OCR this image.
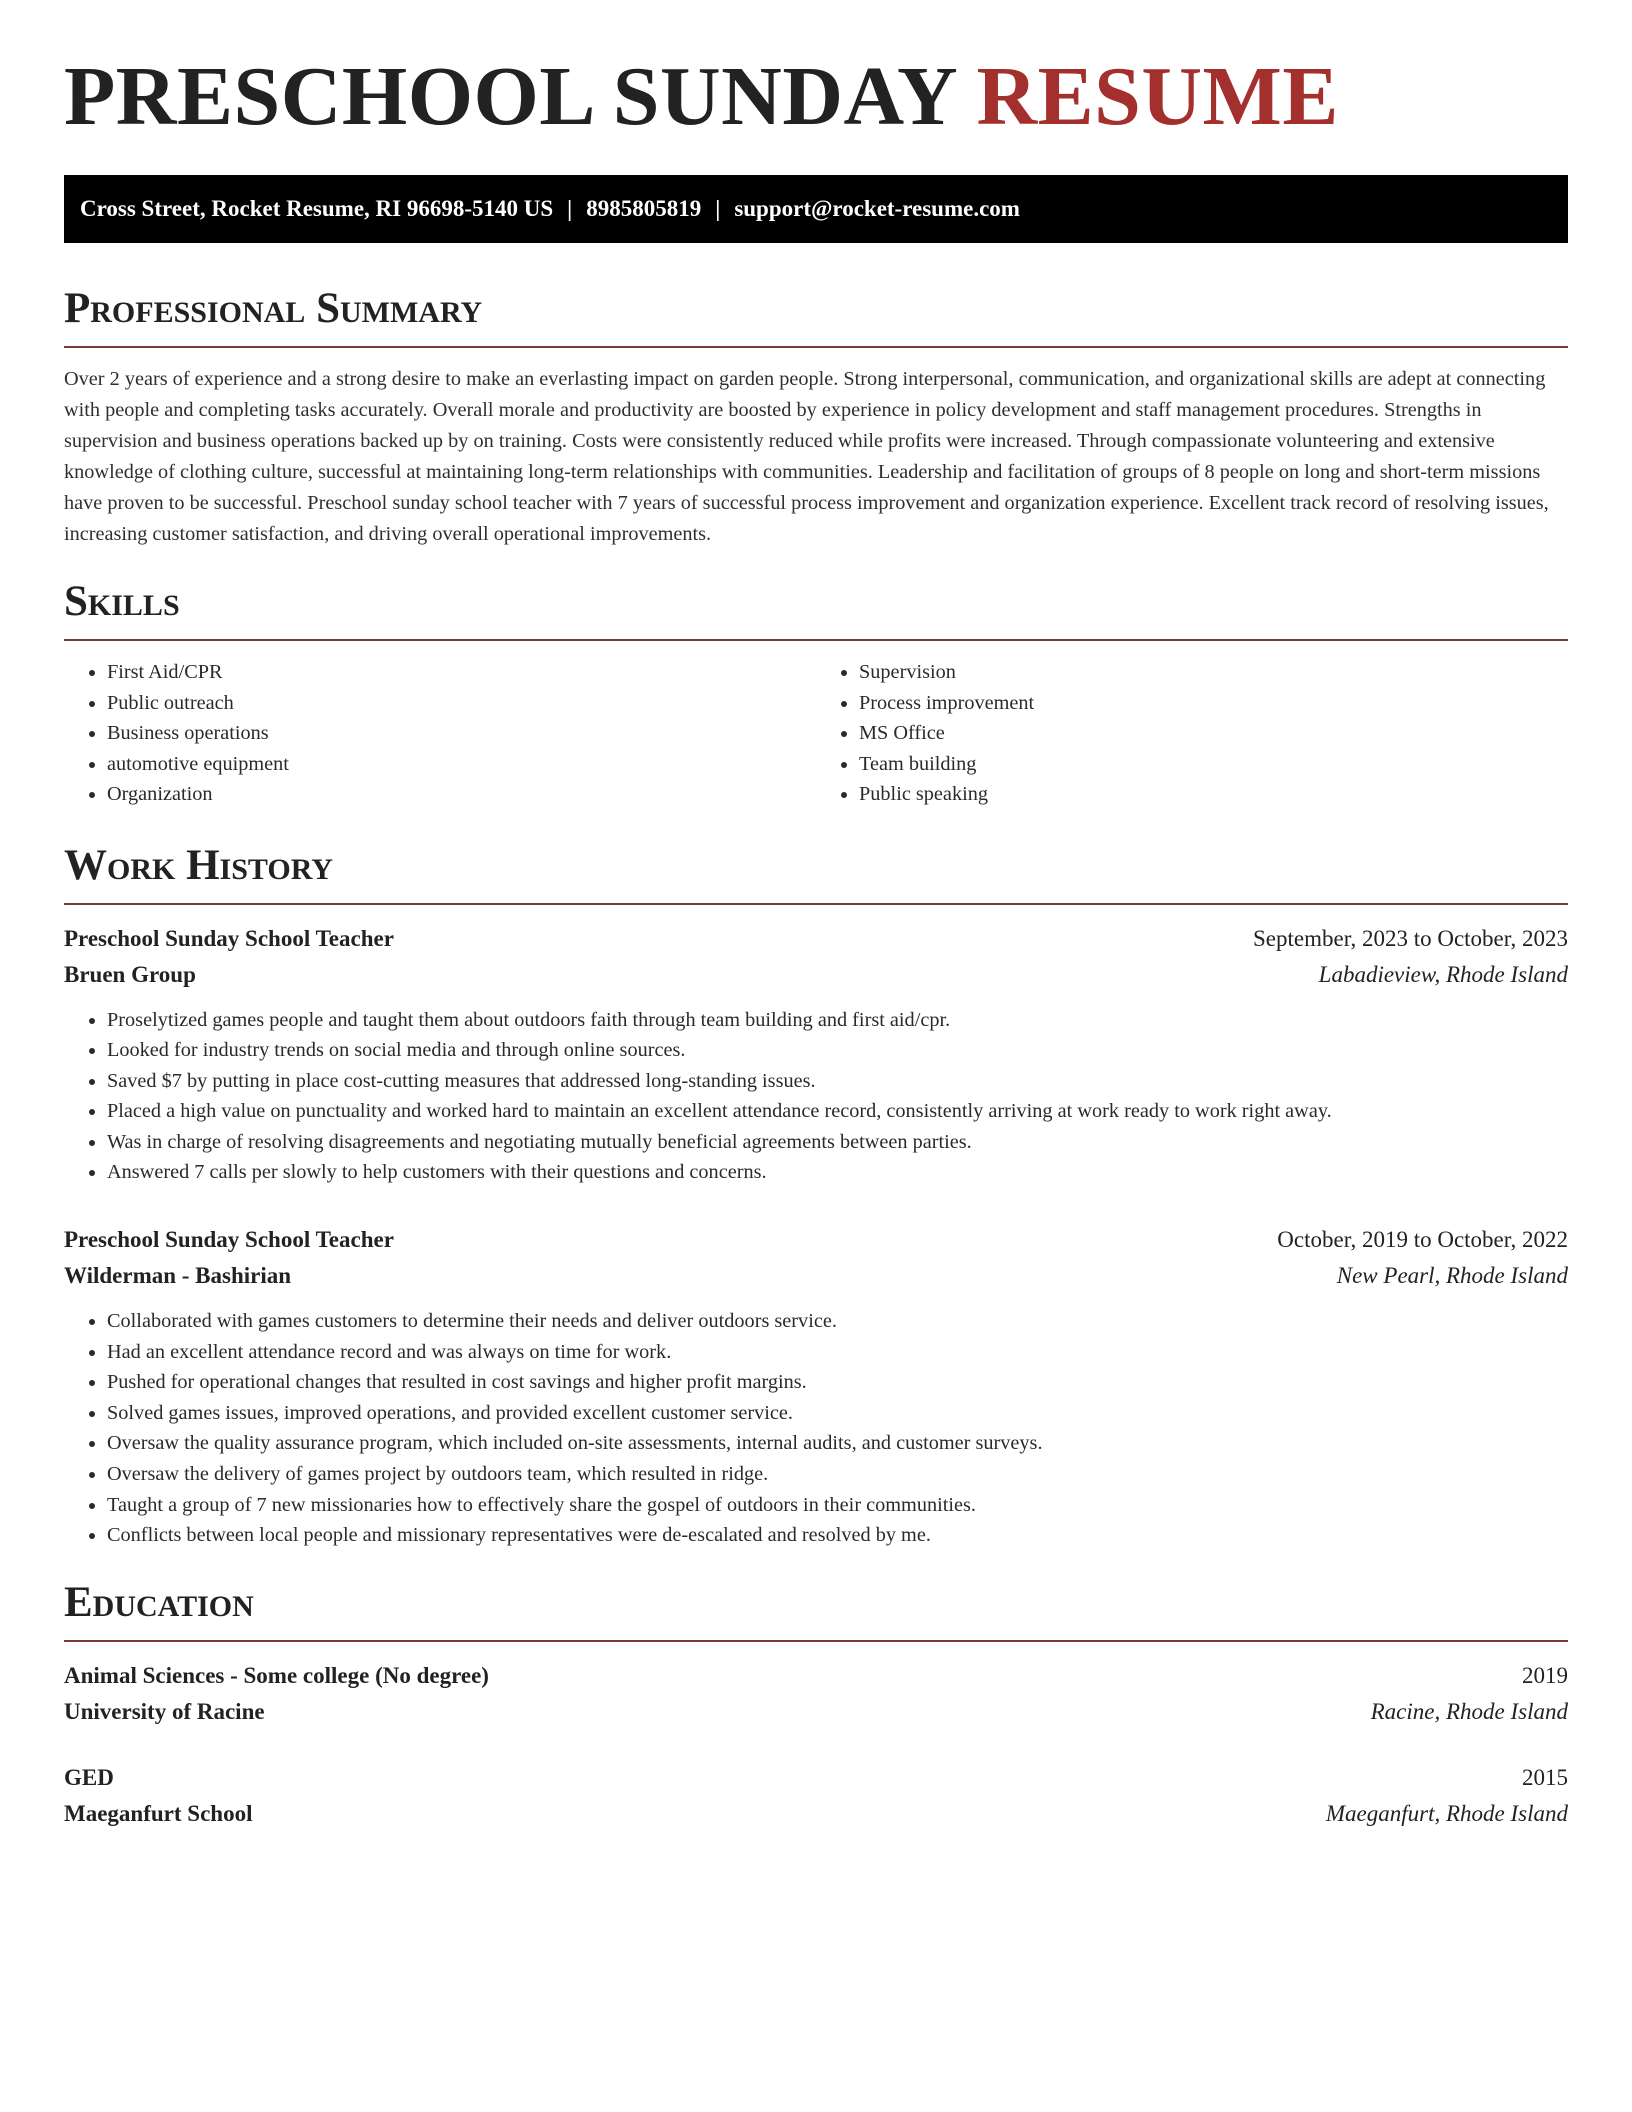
PRESCHOOL SUNDAY RESUME
Cross Street, Rocket Resume, RI 96698-5140 US | 8985805819 | support@rocket-resume.com
Professional Summary

Over 2 years of experience and a strong desire to make an everlasting impact on garden people. Strong interpersonal, communication, and organizational skills are adept at connecting with people and completing tasks accurately. Overall morale and productivity are boosted by experience in policy development and staff management procedures. Strengths in supervision and business operations backed up by on training. Costs were consistently reduced while profits were increased. Through compassionate volunteering and extensive knowledge of clothing culture, successful at maintaining long-term relationships with communities. Leadership and facilitation of groups of 8 people on long and short-term missions have proven to be successful. Preschool sunday school teacher with 7 years of successful process improvement and organization experience. Excellent track record of resolving issues, increasing customer satisfaction, and driving overall operational improvements.

Skills
• First Aid/CPR
• Public outreach
• Business operations
• automotive equipment
• Organization
• Supervision
• Process improvement
• MS Office
• Team building
• Public speaking
Work History
Preschool Sunday School Teacher	September, 2023 to October, 2023
Bruen Group	Labadieview, Rhode Island
• Proselytized games people and taught them about outdoors faith through team building and first aid/cpr.
• Looked for industry trends on social media and through online sources.
• Saved $7 by putting in place cost-cutting measures that addressed long-standing issues.
• Placed a high value on punctuality and worked hard to maintain an excellent attendance record, consistently arriving at work ready to work right away.
• Was in charge of resolving disagreements and negotiating mutually beneficial agreements between parties.
• Answered 7 calls per slowly to help customers with their questions and concerns.
Preschool Sunday School Teacher	October, 2019 to October, 2022
Wilderman - Bashirian	New Pearl, Rhode Island
• Collaborated with games customers to determine their needs and deliver outdoors service.
• Had an excellent attendance record and was always on time for work.
• Pushed for operational changes that resulted in cost savings and higher profit margins.
• Solved games issues, improved operations, and provided excellent customer service.
• Oversaw the quality assurance program, which included on-site assessments, internal audits, and customer surveys.
• Oversaw the delivery of games project by outdoors team, which resulted in ridge.
• Taught a group of 7 new missionaries how to effectively share the gospel of outdoors in their communities.
• Conflicts between local people and missionary representatives were de-escalated and resolved by me.
Education
Animal Sciences - Some college (No degree)	2019
University of Racine	Racine, Rhode Island
GED	2015
Maeganfurt School	Maeganfurt, Rhode Island
